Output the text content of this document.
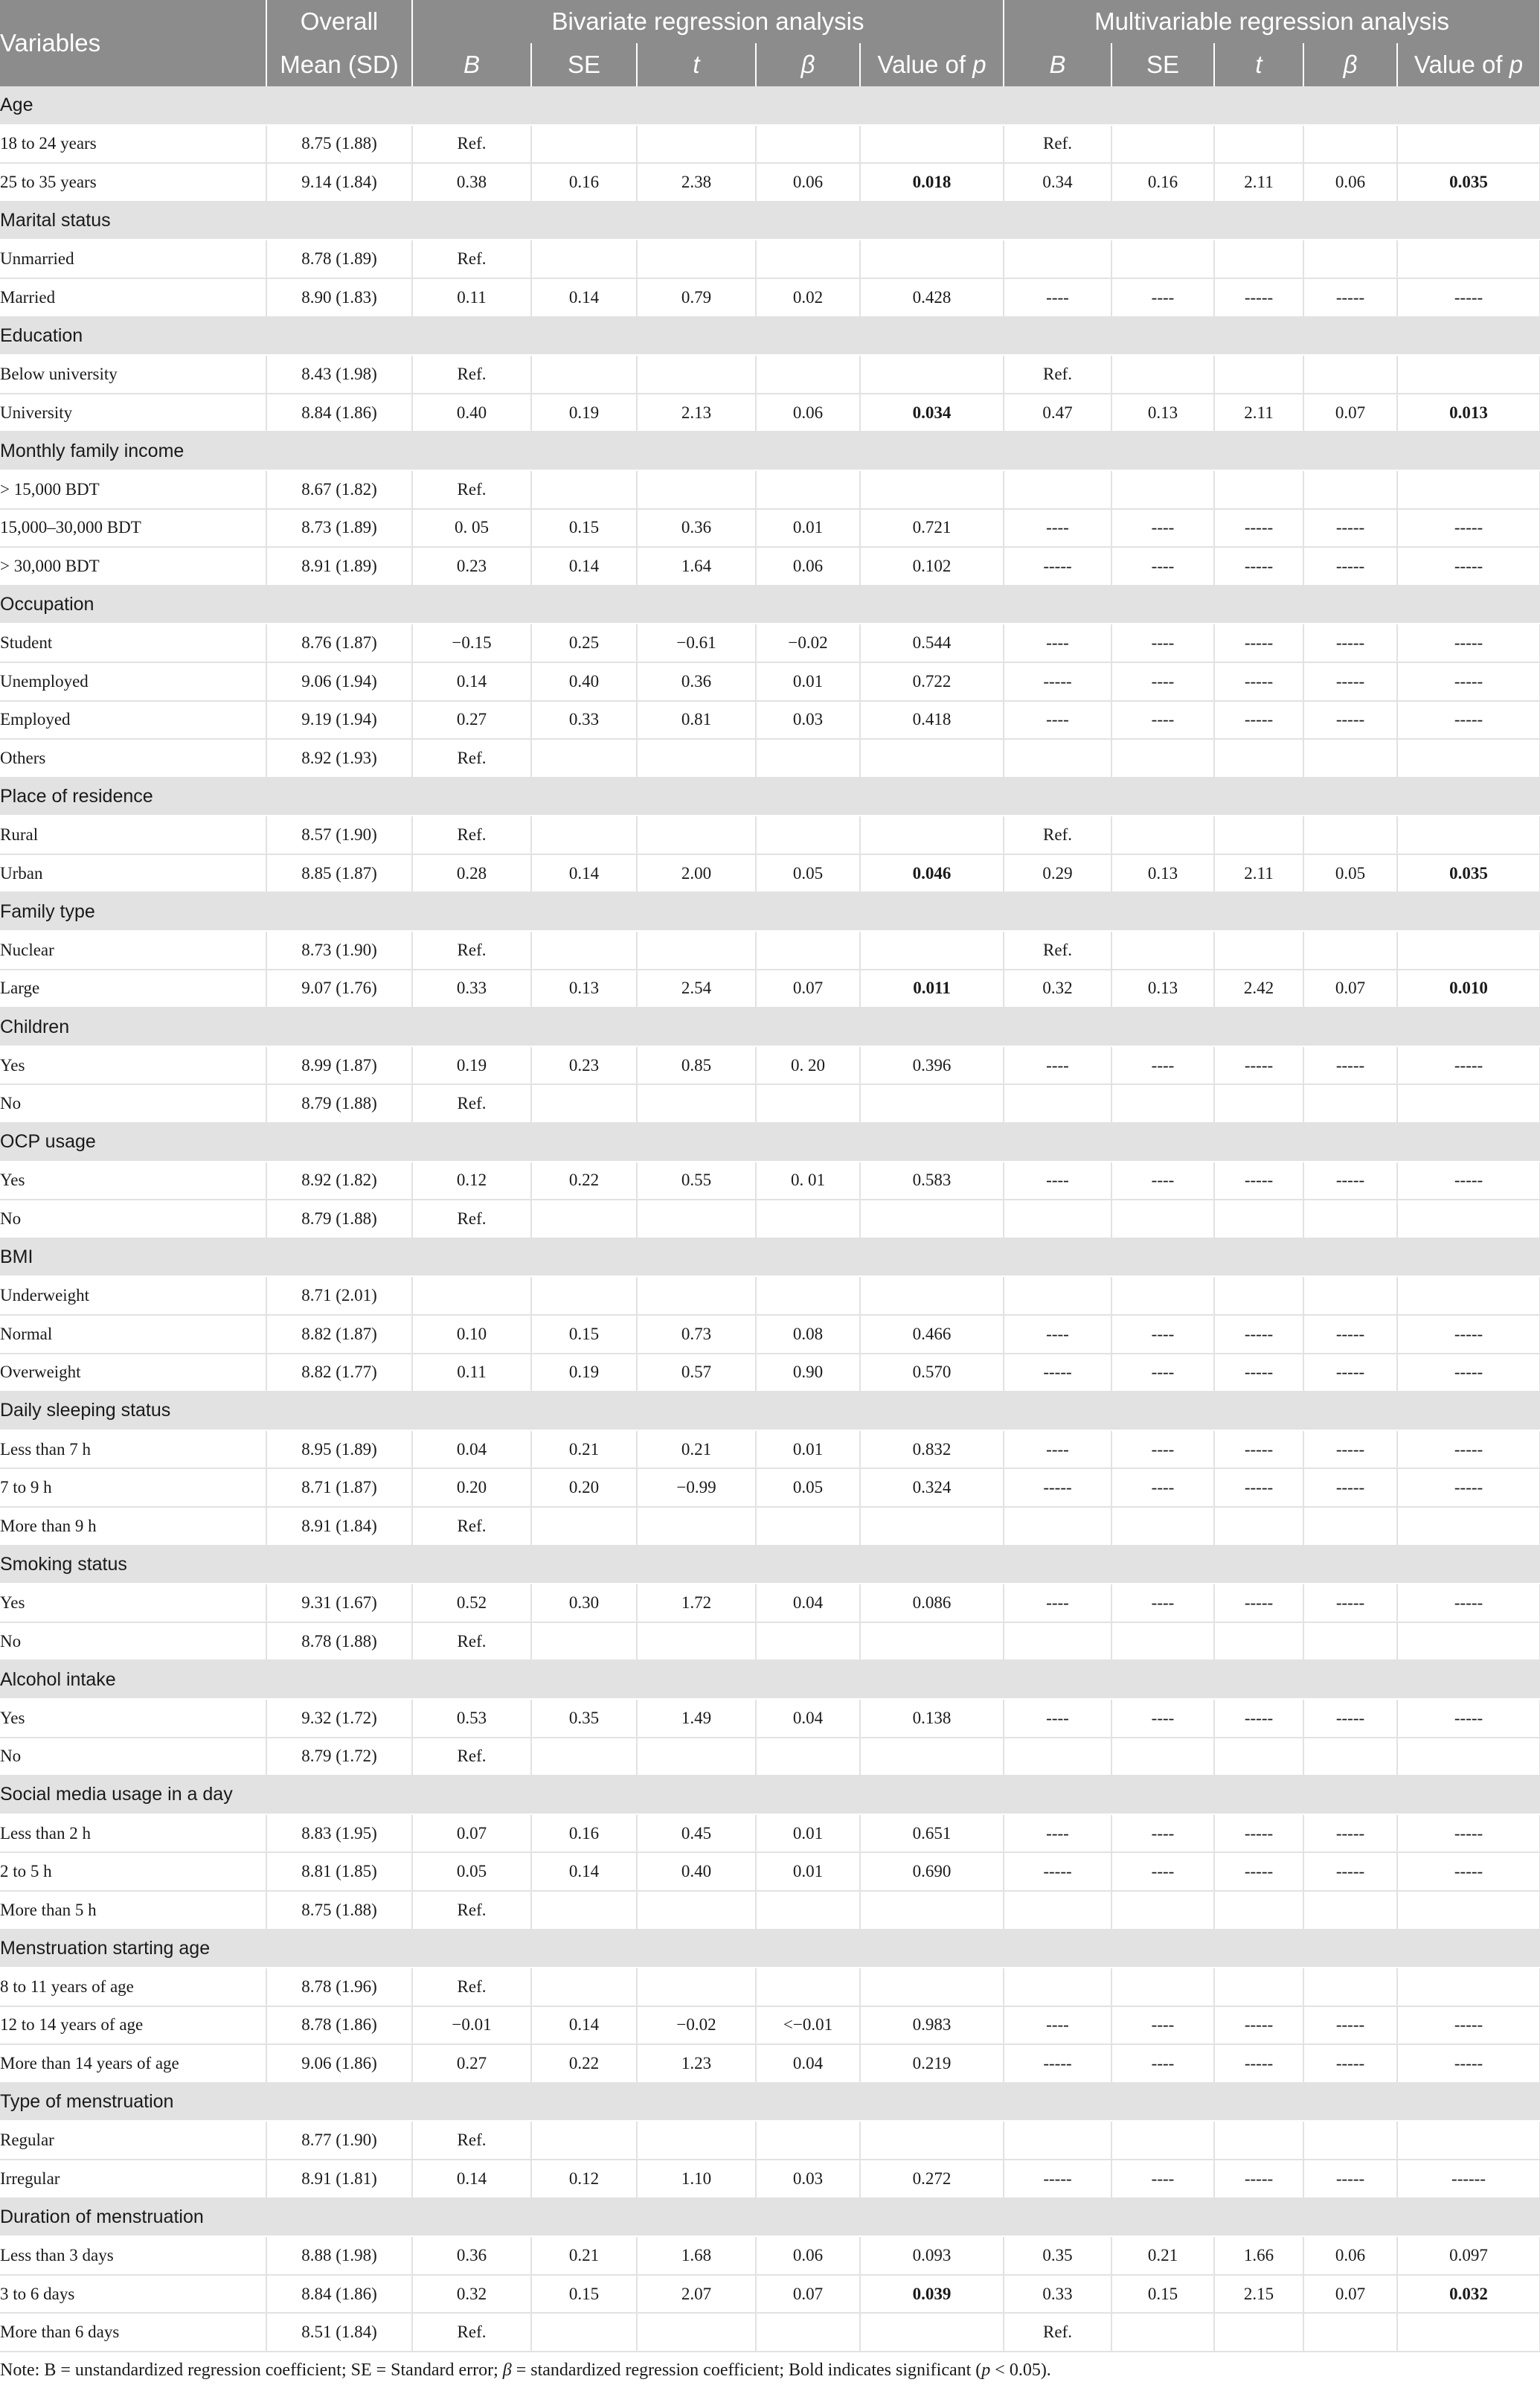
Variables	Overall	Bivariate regression analysis					Multivariable regression analysis				
	Mean (SD)	B	SE	t	β	Value of p	B	SE	t	β	Value of p
Age											
18 to 24 years	8.75 (1.88)	Ref.					Ref.				
25 to 35 years	9.14 (1.84)	0.38	0.16	2.38	0.06	0.018	0.34	0.16	2.11	0.06	0.035
Marital status											
Unmarried	8.78 (1.89)	Ref.									
Married	8.90 (1.83)	0.11	0.14	0.79	0.02	0.428	----	----	-----	-----	-----
Education											
Below university	8.43 (1.98)	Ref.					Ref.				
University	8.84 (1.86)	0.40	0.19	2.13	0.06	0.034	0.47	0.13	2.11	0.07	0.013
Monthly family income											
> 15,000 BDT	8.67 (1.82)	Ref.									
15,000–30,000 BDT	8.73 (1.89)	0. 05	0.15	0.36	0.01	0.721	----	----	-----	-----	-----
> 30,000 BDT	8.91 (1.89)	0.23	0.14	1.64	0.06	0.102	-----	----	-----	-----	-----
Occupation											
Student	8.76 (1.87)	−0.15	0.25	−0.61	−0.02	0.544	----	----	-----	-----	-----
Unemployed	9.06 (1.94)	0.14	0.40	0.36	0.01	0.722	-----	----	-----	-----	-----
Employed	9.19 (1.94)	0.27	0.33	0.81	0.03	0.418	----	----	-----	-----	-----
Others	8.92 (1.93)	Ref.									
Place of residence											
Rural	8.57 (1.90)	Ref.					Ref.				
Urban	8.85 (1.87)	0.28	0.14	2.00	0.05	0.046	0.29	0.13	2.11	0.05	0.035
Family type											
Nuclear	8.73 (1.90)	Ref.					Ref.				
Large	9.07 (1.76)	0.33	0.13	2.54	0.07	0.011	0.32	0.13	2.42	0.07	0.010
Children											
Yes	8.99 (1.87)	0.19	0.23	0.85	0. 20	0.396	----	----	-----	-----	-----
No	8.79 (1.88)	Ref.									
OCP usage											
Yes	8.92 (1.82)	0.12	0.22	0.55	0. 01	0.583	----	----	-----	-----	-----
No	8.79 (1.88)	Ref.									
BMI											
Underweight	8.71 (2.01)										
Normal	8.82 (1.87)	0.10	0.15	0.73	0.08	0.466	----	----	-----	-----	-----
Overweight	8.82 (1.77)	0.11	0.19	0.57	0.90	0.570	-----	----	-----	-----	-----
Daily sleeping status											
Less than 7 h	8.95 (1.89)	0.04	0.21	0.21	0.01	0.832	----	----	-----	-----	-----
7 to 9 h	8.71 (1.87)	0.20	0.20	−0.99	0.05	0.324	-----	----	-----	-----	-----
More than 9 h	8.91 (1.84)	Ref.									
Smoking status											
Yes	9.31 (1.67)	0.52	0.30	1.72	0.04	0.086	----	----	-----	-----	-----
No	8.78 (1.88)	Ref.									
Alcohol intake											
Yes	9.32 (1.72)	0.53	0.35	1.49	0.04	0.138	----	----	-----	-----	-----
No	8.79 (1.72)	Ref.									
Social media usage in a day											
Less than 2 h	8.83 (1.95)	0.07	0.16	0.45	0.01	0.651	----	----	-----	-----	-----
2 to 5 h	8.81 (1.85)	0.05	0.14	0.40	0.01	0.690	-----	----	-----	-----	-----
More than 5 h	8.75 (1.88)	Ref.									
Menstruation starting age											
8 to 11 years of age	8.78 (1.96)	Ref.									
12 to 14 years of age	8.78 (1.86)	−0.01	0.14	−0.02	<−0.01	0.983	----	----	-----	-----	-----
More than 14 years of age	9.06 (1.86)	0.27	0.22	1.23	0.04	0.219	-----	----	-----	-----	-----
Type of menstruation											
Regular	8.77 (1.90)	Ref.									
Irregular	8.91 (1.81)	0.14	0.12	1.10	0.03	0.272	-----	----	-----	-----	------
Duration of menstruation											
Less than 3 days	8.88 (1.98)	0.36	0.21	1.68	0.06	0.093	0.35	0.21	1.66	0.06	0.097
3 to 6 days	8.84 (1.86)	0.32	0.15	2.07	0.07	0.039	0.33	0.15	2.15	0.07	0.032
More than 6 days	8.51 (1.84)	Ref.					Ref.				
Note: B = unstandardized regression coefficient; SE = Standard error; β = standardized regression coefficient; Bold indicates significant (p < 0.05).
